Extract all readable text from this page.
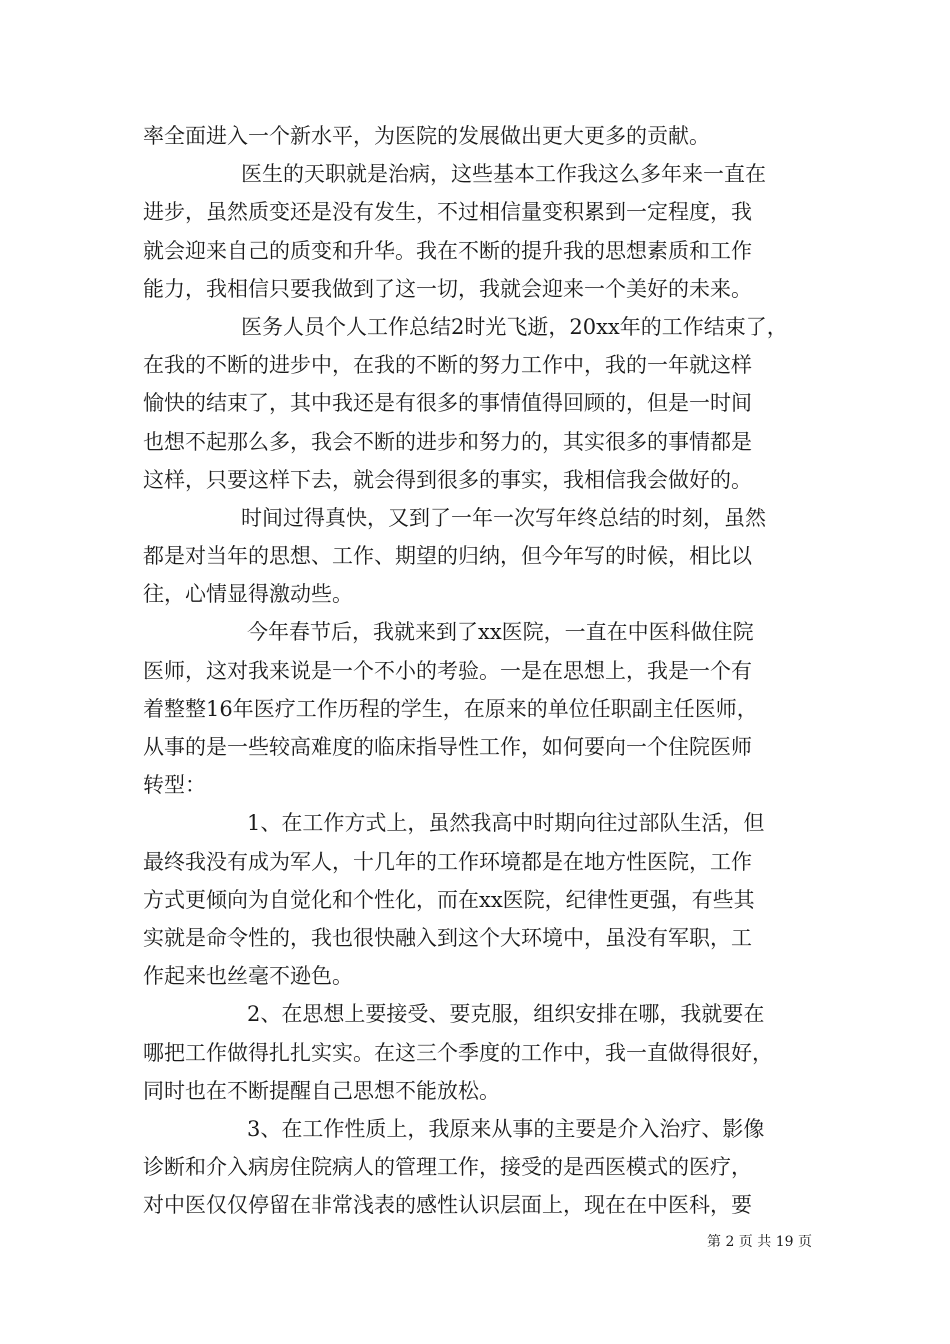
率全面进入一个新水平，为医院的发展做出更大更多的贡献。
医生的天职就是治病，这些基本工作我这么多年来一直在
进步，虽然质变还是没有发生，不过相信量变积累到一定程度，我
就会迎来自己的质变和升华。我在不断的提升我的思想素质和工作
能力，我相信只要我做到了这一切，我就会迎来一个美好的未来。
医务人员个人工作总结2时光飞逝，20xx年的工作结束了，
在我的不断的进步中，在我的不断的努力工作中，我的一年就这样
愉快的结束了，其中我还是有很多的事情值得回顾的，但是一时间
也想不起那么多，我会不断的进步和努力的，其实很多的事情都是
这样，只要这样下去，就会得到很多的事实，我相信我会做好的。
时间过得真快，又到了一年一次写年终总结的时刻，虽然
都是对当年的思想、工作、期望的归纳，但今年写的时候，相比以
往，心情显得激动些。
今年春节后，我就来到了xx医院，一直在中医科做住院
医师，这对我来说是一个不小的考验。一是在思想上，我是一个有
着整整16年医疗工作历程的学生，在原来的单位任职副主任医师，
从事的是一些较高难度的临床指导性工作，如何要向一个住院医师
转型：
1、在工作方式上，虽然我高中时期向往过部队生活，但
最终我没有成为军人，十几年的工作环境都是在地方性医院，工作
方式更倾向为自觉化和个性化，而在xx医院，纪律性更强，有些其
实就是命令性的，我也很快融入到这个大环境中，虽没有军职，工
作起来也丝毫不逊色。
2、在思想上要接受、要克服，组织安排在哪，我就要在
哪把工作做得扎扎实实。在这三个季度的工作中，我一直做得很好，
同时也在不断提醒自己思想不能放松。
3、在工作性质上，我原来从事的主要是介入治疗、影像
诊断和介入病房住院病人的管理工作，接受的是西医模式的医疗，
对中医仅仅停留在非常浅表的感性认识层面上，现在在中医科，要
第 2 页 共 19 页
